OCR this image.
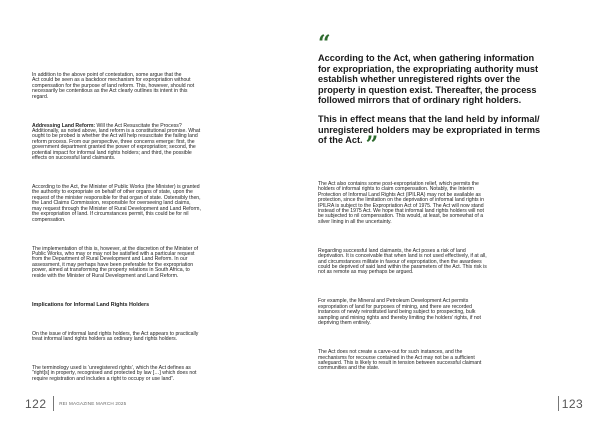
In addition to the above point of contestation, some argue that the
Act could be seen as a backdoor mechanism for expropriation without
compensation for the purpose of land reform. This, however, should not
necessarily be contentious as the Act clearly outlines its intent in this
regard.

Addressing Land Reform: Will the Act Resuscitate the Process?
Additionally, as noted above, land reform is a constitutional promise. What
ought to be probed is whether the Act will help resuscitate the failing land
reform process. From our perspective, three concerns emerge: first, the
government department granted the power of expropriation; second, the
potential impact for informal land rights holders; and third, the possible
effects on successful land claimants.

According to the Act, the Minister of Public Works (the Minister) is granted
the authority to expropriate on behalf of other organs of state, upon the
request of the minister responsible for that organ of state. Ostensibly then,
the Land Claims Commission, responsible for overseeing land claims,
may request through the Minister of Rural Development and Land Reform,
the expropriation of land. If circumstances permit, this could be for nil
compensation.

The implementation of this is, however, at the discretion of the Minister of
Public Works, who may or may not be satisfied with a particular request
from the Department of Rural Development and Land Reform. In our
assessment, it may perhaps have been preferable for the expropriation
power, aimed at transforming the property relations in South Africa, to
reside with the Minister of Rural Development and Land Reform.

Implications for Informal Land Rights Holders

On the issue of informal land rights holders, the Act appears to practically
treat informal land rights holders as ordinary land rights holders.

The terminology used is ‘unregistered rights’, which the Act defines as
“right[s] in property, recognised and protected by law […] which does not
require registration and includes a right to occupy or use land”.

122	REI MAGAZINE MARCH 2025
“
According to the Act, when gathering information
for expropriation, the expropriating authority must
establish whether unregistered rights over the
property in question exist. Thereafter, the process
followed mirrors that of ordinary right holders.
This in effect means that the land held by informal/
unregistered holders may be expropriated in terms
of the Act. ”

The Act also contains some post-expropriation relief, which permits the
holders of informal rights to claim compensation. Notably, the Interim
Protection of Informal Land Rights Act (IPILRA) may not be available as
protection, since the limitation on the deprivation of informal land rights in
IPILRA is subject to the Expropriation Act of 1975. The Act will now stand
instead of the 1975 Act. We hope that informal land rights holders will not
be subjected to nil compensation. This would, at least, be somewhat of a
silver lining in all the uncertainty.

Regarding successful land claimants, the Act poses a risk of land
deprivation. It is conceivable that when land is not used effectively, if at all,
and circumstances militate in favour of expropriation, then the awardees
could be deprived of said land within the parameters of the Act. This risk is
not as remote as may perhaps be argued.

For example, the Mineral and Petroleum Development Act permits
expropriation of land for purposes of mining, and there are recorded
instances of newly reinstituted land being subject to prospecting, bulk
sampling and mining rights and thereby limiting the holders’ rights, if not
depriving them entirely.

The Act does not create a carve-out for such instances, and the
mechanisms for recourse contained in the Act may not be a sufficient
safeguard. This is likely to result in tension between successful claimant
communities and the state.

123
